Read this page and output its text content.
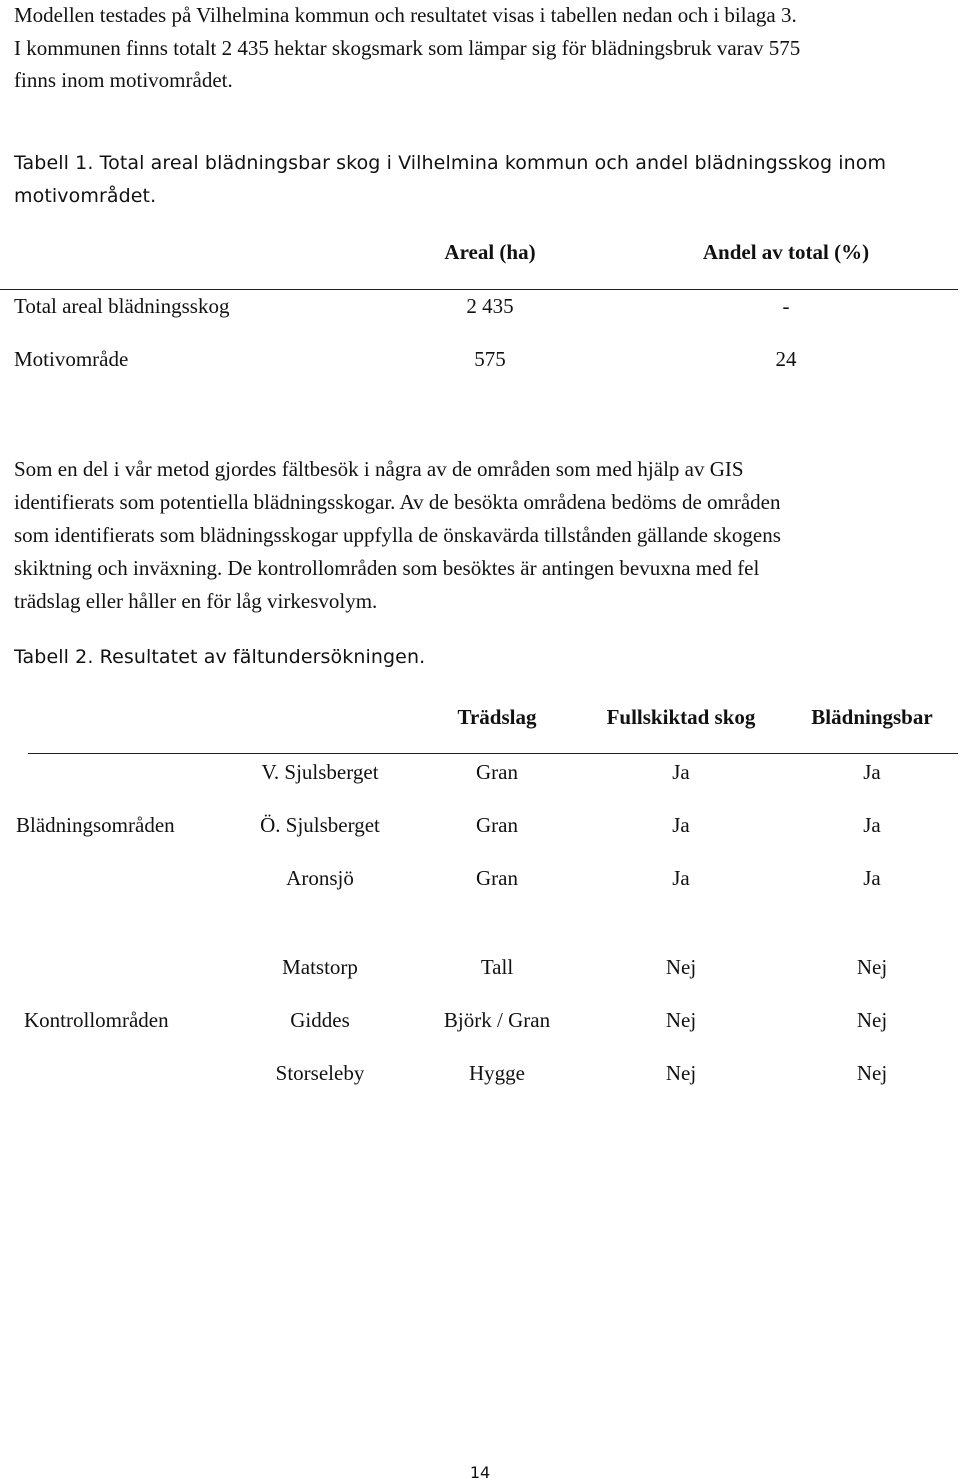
Modellen testades på Vilhelmina kommun och resultatet visas i tabellen nedan och i bilaga 3.
I kommunen finns totalt 2 435 hektar skogsmark som lämpar sig för blädningsbruk varav 575
finns inom motivområdet.
Tabell 1. Total areal blädningsbar skog i Vilhelmina kommun och andel blädningsskog inom
motivområdet.
Areal (ha)	Andel av total (%)
Total areal blädningsskog	2 435	-
Motivområde	575	24
Som en del i vår metod gjordes fältbesök i några av de områden som med hjälp av GIS
identifierats som potentiella blädningsskogar. Av de besökta områdena bedöms de områden
som identifierats som blädningsskogar uppfylla de önskavärda tillstånden gällande skogens
skiktning och inväxning. De kontrollområden som besöktes är antingen bevuxna med fel
trädslag eller håller en för låg virkesvolym.
Tabell 2. Resultatet av fältundersökningen.
Trädslag	Fullskiktad skog	Blädningsbar
Blädningsområden
V. Sjulsberget	Gran	Ja	Ja
Ö. Sjulsberget	Gran	Ja	Ja
Aronsjö	Gran	Ja	Ja
Kontrollområden
Matstorp	Tall	Nej	Nej
Giddes	Björk / Gran	Nej	Nej
Storseleby	Hygge	Nej	Nej
14
